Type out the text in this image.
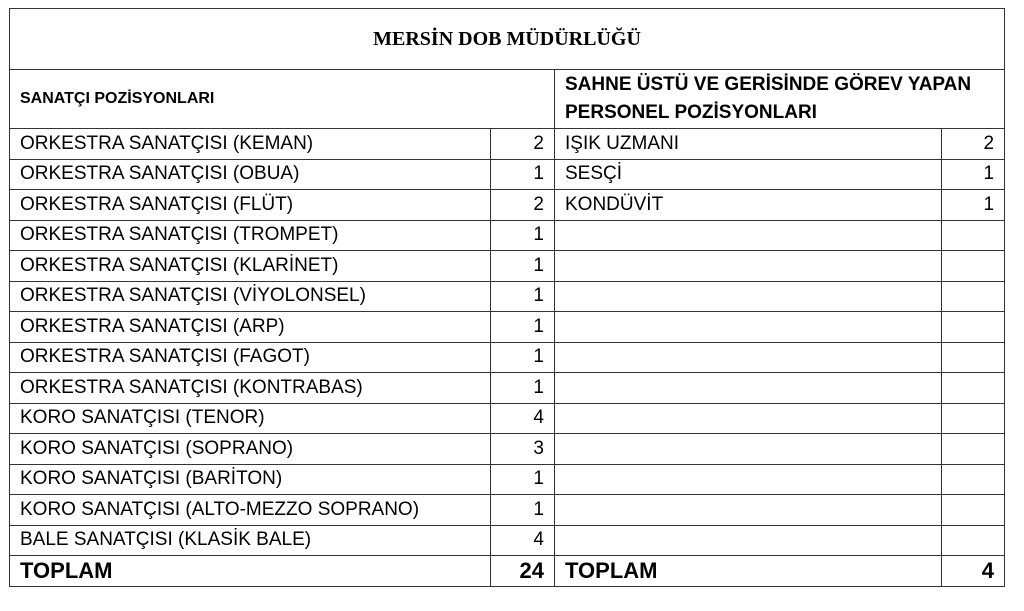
MERSİN DOB MÜDÜRLÜĞÜ			
SANATÇI POZİSYONLARI		SAHNE ÜSTÜ VE GERİSİNDE GÖREV YAPAN PERSONEL POZİSYONLARI	
ORKESTRA SANATÇISI (KEMAN)	2	IŞIK UZMANI	2
ORKESTRA SANATÇISI (OBUA)	1	SESÇİ	1
ORKESTRA SANATÇISI (FLÜT)	2	KONDÜVİT	1
ORKESTRA SANATÇISI (TROMPET)	1		
ORKESTRA SANATÇISI (KLARİNET)	1		
ORKESTRA SANATÇISI (VİYOLONSEL)	1		
ORKESTRA SANATÇISI (ARP)	1		
ORKESTRA SANATÇISI (FAGOT)	1		
ORKESTRA SANATÇISI (KONTRABAS)	1		
KORO SANATÇISI (TENOR)	4		
KORO SANATÇISI (SOPRANO)	3		
KORO SANATÇISI (BARİTON)	1		
KORO SANATÇISI (ALTO-MEZZO SOPRANO)	1		
BALE SANATÇISI (KLASİK BALE)	4		
TOPLAM	24	TOPLAM	4
